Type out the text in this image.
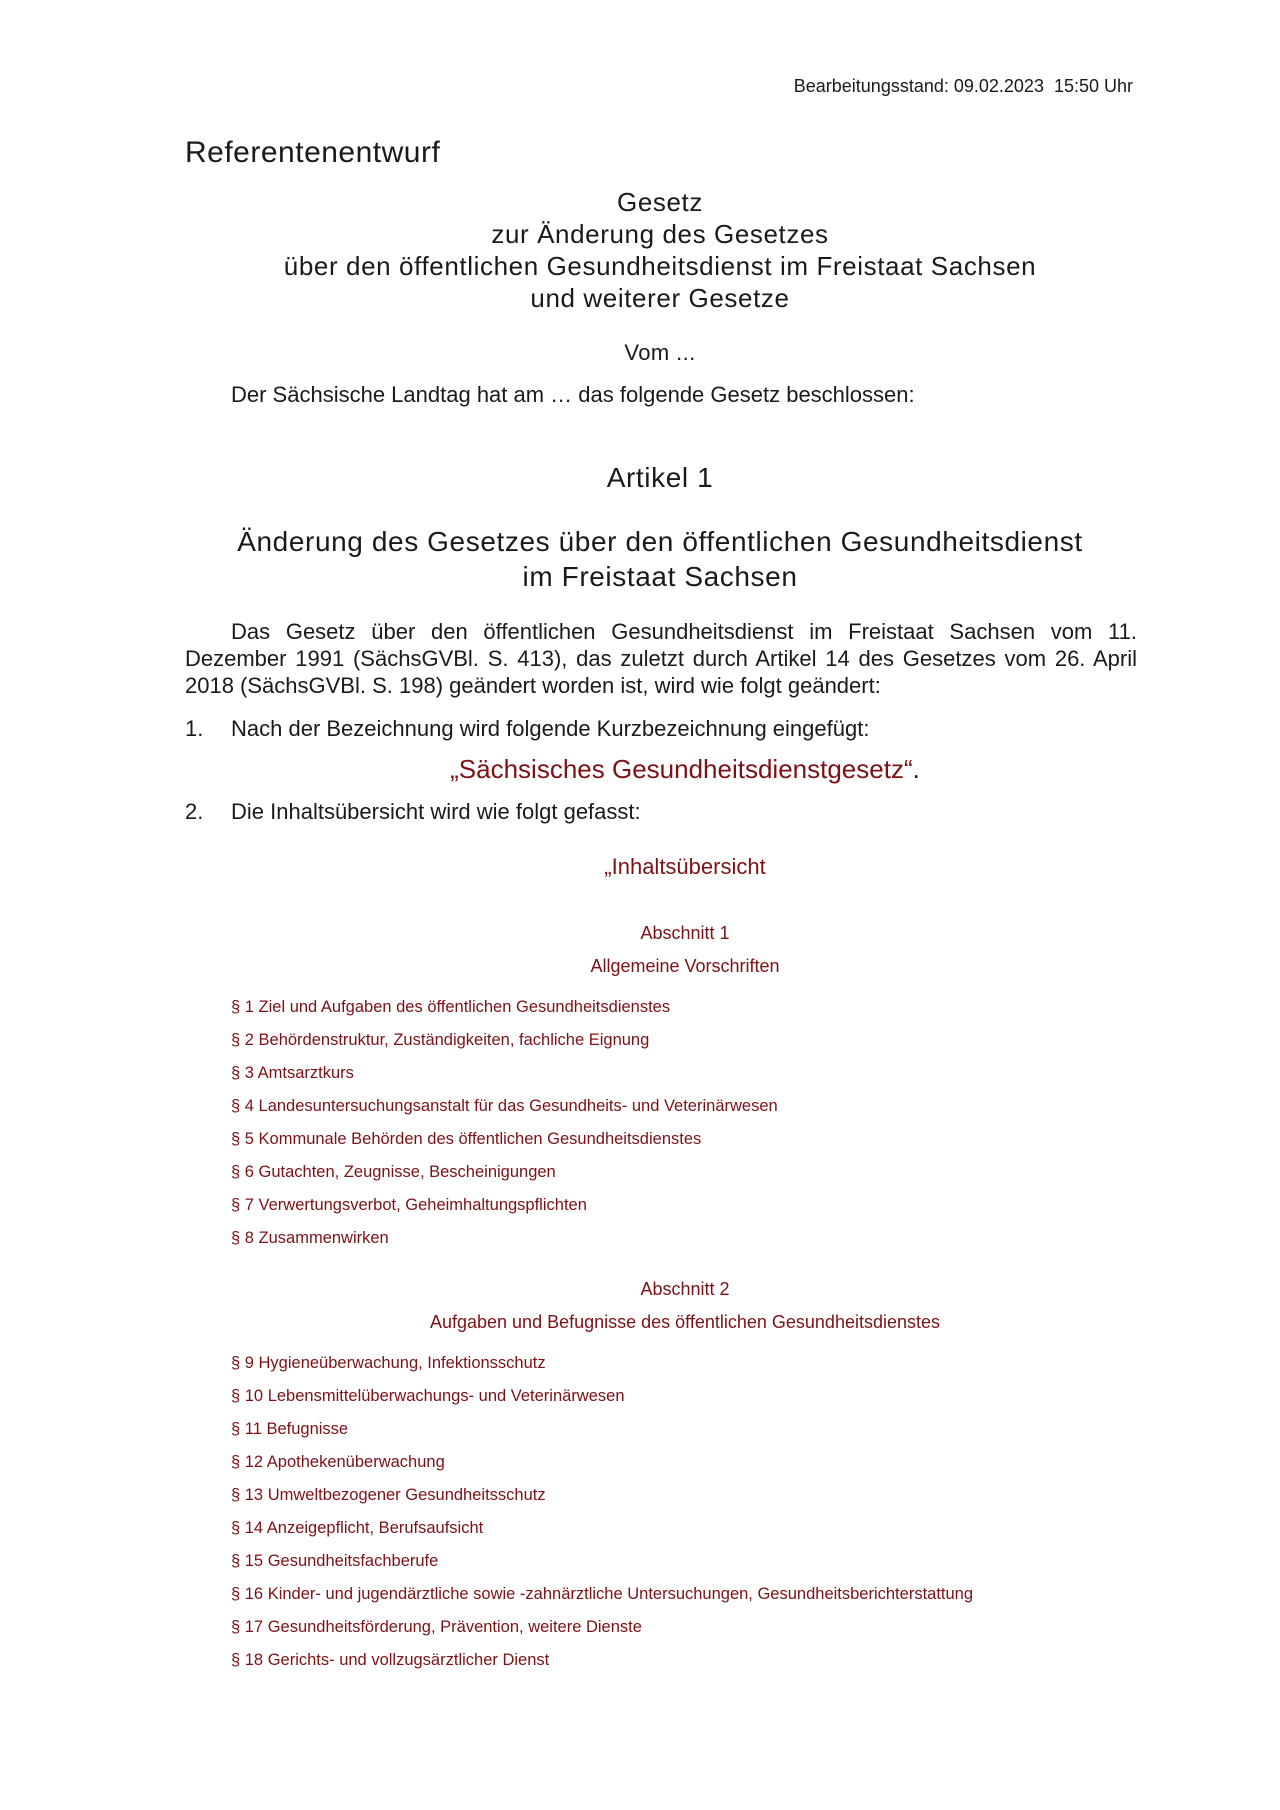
Bearbeitungsstand: 09.02.2023  15:50 Uhr
Referentenentwurf
Gesetz
zur Änderung des Gesetzes
über den öffentlichen Gesundheitsdienst im Freistaat Sachsen
und weiterer Gesetze
Vom ...
Der Sächsische Landtag hat am … das folgende Gesetz beschlossen:
Artikel 1
Änderung des Gesetzes über den öffentlichen Gesundheitsdienst
im Freistaat Sachsen
Das Gesetz über den öffentlichen Gesundheitsdienst im Freistaat Sachsen vom 11. Dezember 1991 (SächsGVBl. S. 413), das zuletzt durch Artikel 14 des Gesetzes vom 26. April 2018 (SächsGVBl. S. 198) geändert worden ist, wird wie folgt geändert:
1. Nach der Bezeichnung wird folgende Kurzbezeichnung eingefügt:
„Sächsisches Gesundheitsdienstgesetz“.
2. Die Inhaltsübersicht wird wie folgt gefasst:
„Inhaltsübersicht
Abschnitt 1
Allgemeine Vorschriften
§ 1 Ziel und Aufgaben des öffentlichen Gesundheitsdienstes
§ 2 Behördenstruktur, Zuständigkeiten, fachliche Eignung
§ 3 Amtsarztkurs
§ 4 Landesuntersuchungsanstalt für das Gesundheits- und Veterinärwesen
§ 5 Kommunale Behörden des öffentlichen Gesundheitsdienstes
§ 6 Gutachten, Zeugnisse, Bescheinigungen
§ 7 Verwertungsverbot, Geheimhaltungspflichten
§ 8 Zusammenwirken
Abschnitt 2
Aufgaben und Befugnisse des öffentlichen Gesundheitsdienstes
§ 9 Hygieneüberwachung, Infektionsschutz
§ 10 Lebensmittelüberwachungs- und Veterinärwesen
§ 11 Befugnisse
§ 12 Apothekenüberwachung
§ 13 Umweltbezogener Gesundheitsschutz
§ 14 Anzeigepflicht, Berufsaufsicht
§ 15 Gesundheitsfachberufe
§ 16 Kinder- und jugendärztliche sowie -zahnärztliche Untersuchungen, Gesundheitsberichterstattung
§ 17 Gesundheitsförderung, Prävention, weitere Dienste
§ 18 Gerichts- und vollzugsärztlicher Dienst
